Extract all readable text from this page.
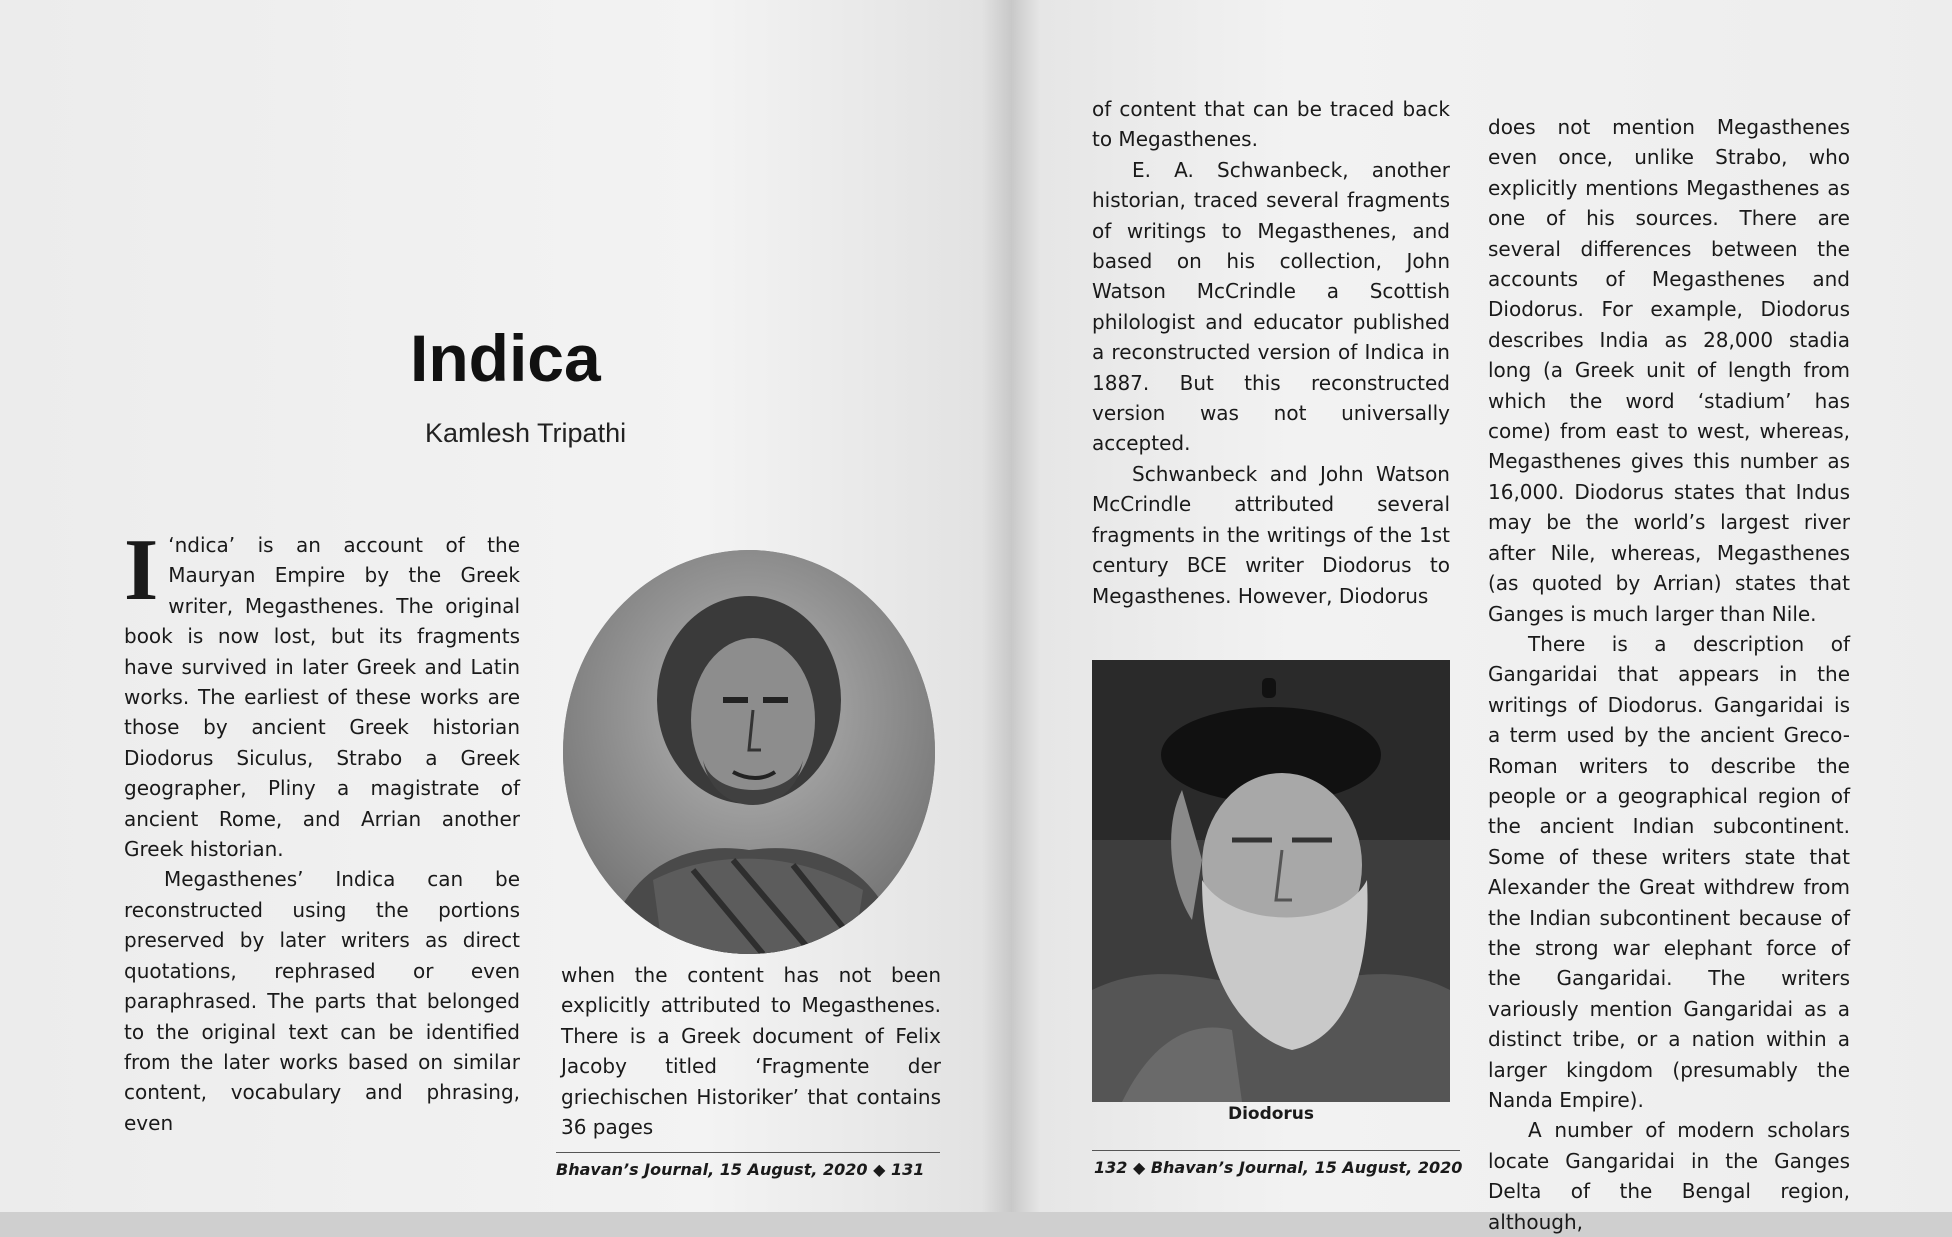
Indica
Kamlesh Tripathi

I ‘ndica’ is an account of the Mauryan Empire by the Greek writer, Megasthenes. The original book is now lost, but its fragments have survived in later Greek and Latin works. The earliest of these works are those by ancient Greek historian Diodorus Siculus, Strabo a Greek geographer, Pliny a magistrate of ancient Rome, and Arrian another Greek historian.

Megasthenes’ Indica can be reconstructed using the portions preserved by later writers as direct quotations, rephrased or even paraphrased. The parts that belonged to the original text can be identified from the later works based on similar content, vocabulary and phrasing, even

when the content has not been explicitly attributed to Megasthenes. There is a Greek document of Felix Jacoby titled ‘Fragmente der griechischen Historiker’ that contains 36 pages

Bhavan’s Journal, 15 August, 2020 ◆ 131

of content that can be traced back to Megasthenes.

E. A. Schwanbeck, another historian, traced several fragments of writings to Megasthenes, and based on his collection, John Watson McCrindle a Scottish philologist and educator published a reconstructed version of Indica in 1887. But this reconstructed version was not universally accepted.

Schwanbeck and John Watson McCrindle attributed several fragments in the writings of the 1st century BCE writer Diodorus to Megasthenes. However, Diodorus

Diodorus

does not mention Megasthenes even once, unlike Strabo, who explicitly mentions Megasthenes as one of his sources. There are several differences between the accounts of Megasthenes and Diodorus. For example, Diodorus describes India as 28,000 stadia long (a Greek unit of length from which the word ‘stadium’ has come) from east to west, whereas, Megasthenes gives this number as 16,000. Diodorus states that Indus may be the world’s largest river after Nile, whereas, Megasthenes (as quoted by Arrian) states that Ganges is much larger than Nile.

There is a description of Gangaridai that appears in the writings of Diodorus. Gangaridai is a term used by the ancient Greco-Roman writers to describe the people or a geographical region of the ancient Indian subcontinent. Some of these writers state that Alexander the Great withdrew from the Indian subcontinent because of the strong war elephant force of the Gangaridai. The writers variously mention Gangaridai as a distinct tribe, or a nation within a larger kingdom (presumably the Nanda Empire).

A number of modern scholars locate Gangaridai in the Ganges Delta of the Bengal region, although,

132 ◆ Bhavan’s Journal, 15 August, 2020
